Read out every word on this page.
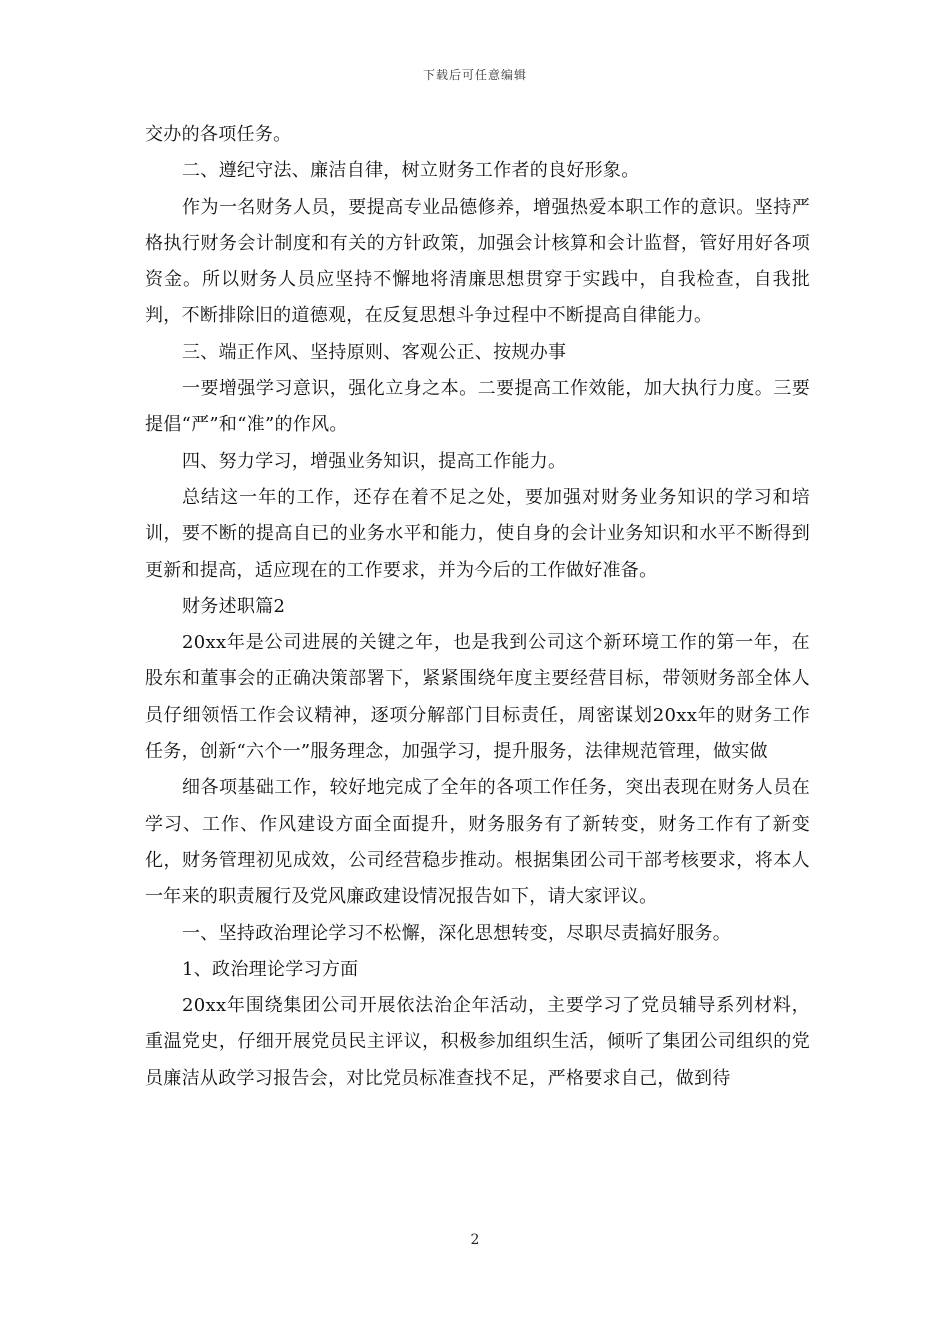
下载后可任意编辑

交办的各项任务。

二、遵纪守法、廉洁自律，树立财务工作者的良好形象。

作为一名财务人员，要提高专业品德修养，增强热爱本职工作的意识。坚持严格执行财务会计制度和有关的方针政策，加强会计核算和会计监督，管好用好各项资金。所以财务人员应坚持不懈地将清廉思想贯穿于实践中，自我检查，自我批判，不断排除旧的道德观，在反复思想斗争过程中不断提高自律能力。

三、端正作风、坚持原则、客观公正、按规办事

一要增强学习意识，强化立身之本。二要提高工作效能，加大执行力度。三要提倡“严”和“准”的作风。

四、努力学习，增强业务知识，提高工作能力。

总结这一年的工作，还存在着不足之处，要加强对财务业务知识的学习和培训，要不断的提高自已的业务水平和能力，使自身的会计业务知识和水平不断得到更新和提高，适应现在的工作要求，并为今后的工作做好准备。

财务述职篇2

20xx年是公司进展的关键之年，也是我到公司这个新环境工作的第一年，在股东和董事会的正确决策部署下，紧紧围绕年度主要经营目标，带领财务部全体人员仔细领悟工作会议精神，逐项分解部门目标责任，周密谋划20xx年的财务工作任务，创新“六个一”服务理念，加强学习，提升服务，法律规范管理，做实做

细各项基础工作，较好地完成了全年的各项工作任务，突出表现在财务人员在学习、工作、作风建设方面全面提升，财务服务有了新转变，财务工作有了新变化，财务管理初见成效，公司经营稳步推动。根据集团公司干部考核要求，将本人一年来的职责履行及党风廉政建设情况报告如下，请大家评议。

一、坚持政治理论学习不松懈，深化思想转变，尽职尽责搞好服务。

1、政治理论学习方面

20xx年围绕集团公司开展依法治企年活动，主要学习了党员辅导系列材料，重温党史，仔细开展党员民主评议，积极参加组织生活，倾听了集团公司组织的党员廉洁从政学习报告会，对比党员标准查找不足，严格要求自己，做到待

2
